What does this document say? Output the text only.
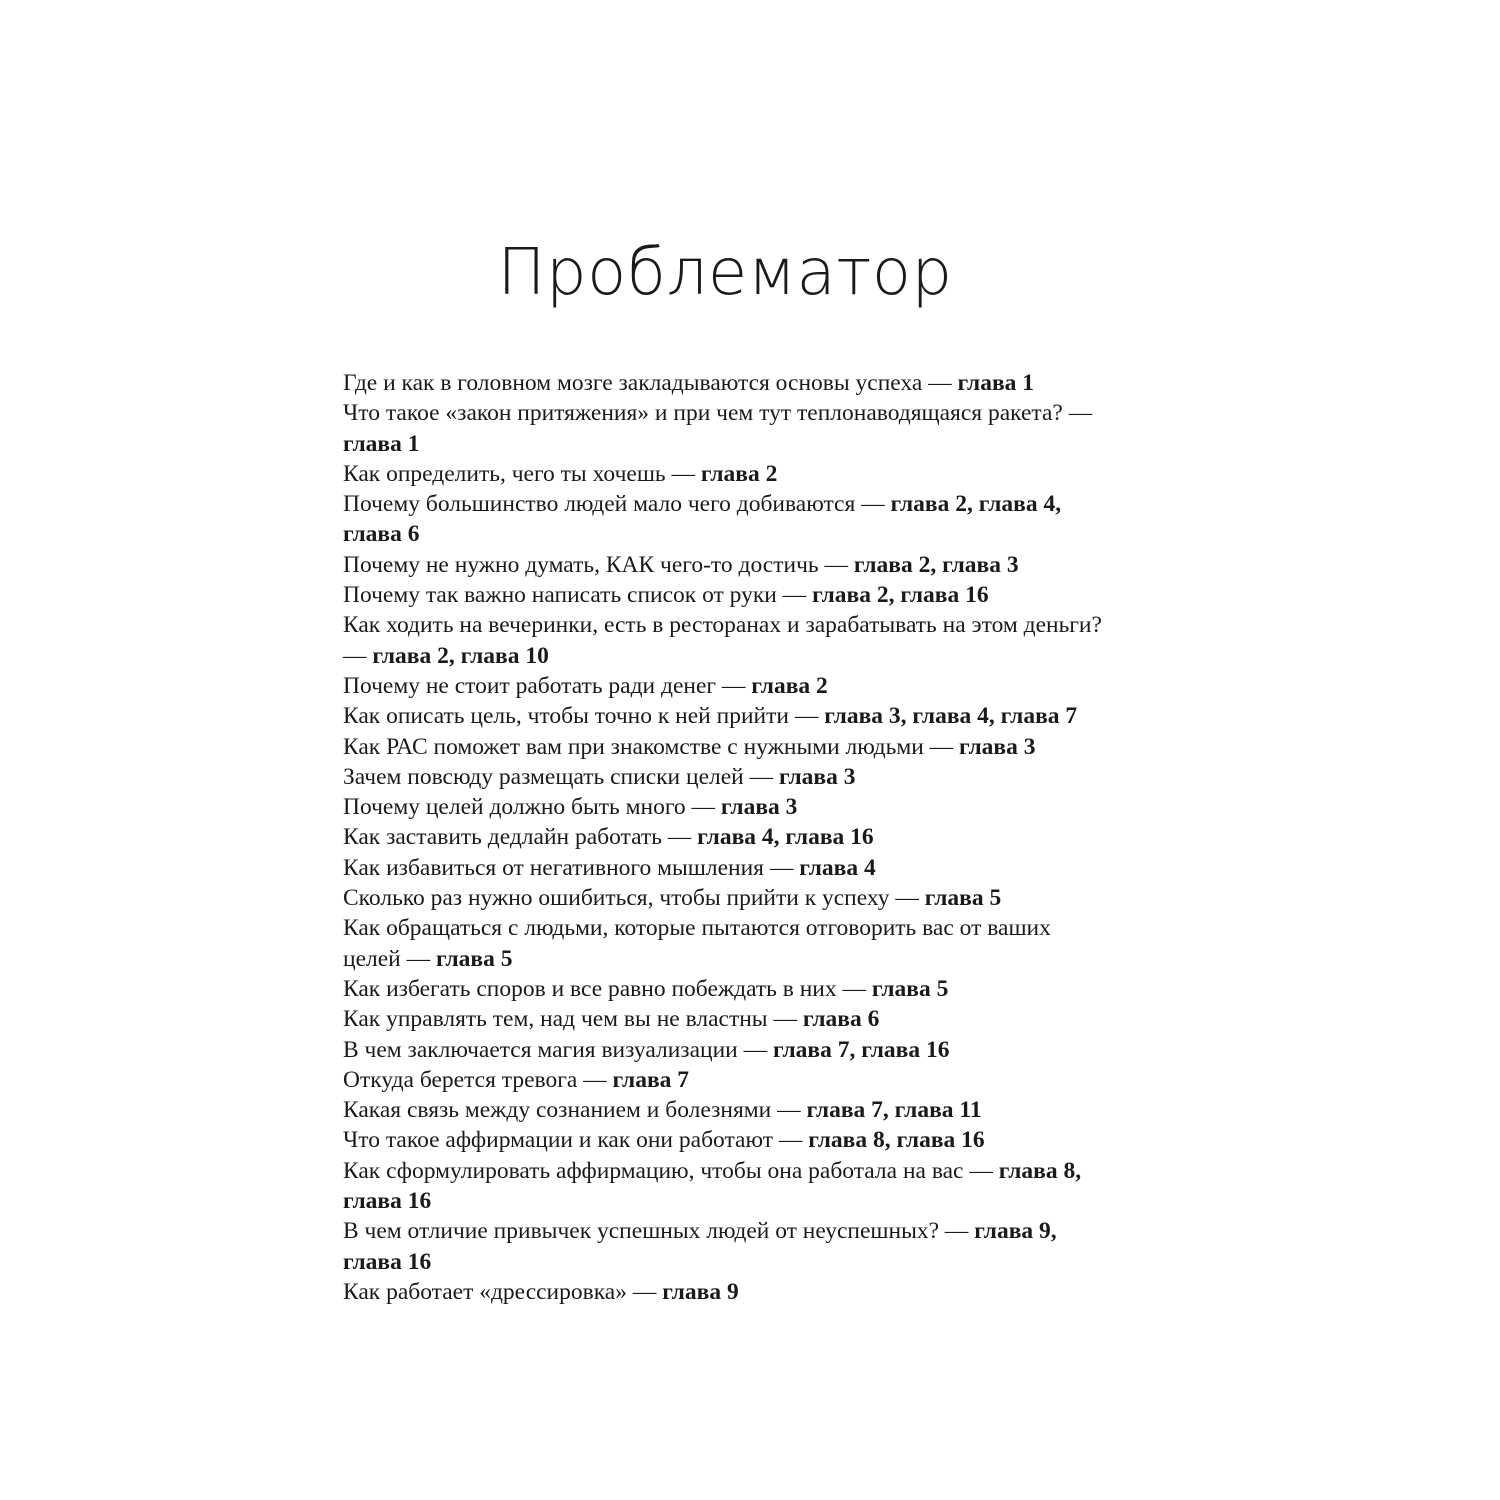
Проблематор

Где и как в головном мозге закладываются основы успеха — глава 1

Что такое «закон притяжения» и при чем тут теплонаводящаяся ракета? — глава 1

Как определить, чего ты хочешь — глава 2

Почему большинство людей мало чего добиваются — глава 2, глава 4, глава 6

Почему не нужно думать, КАК чего-то достичь — глава 2, глава 3

Почему так важно написать список от руки — глава 2, глава 16

Как ходить на вечеринки, есть в ресторанах и зарабатывать на этом деньги? — глава 2, глава 10

Почему не стоит работать ради денег — глава 2

Как описать цель, чтобы точно к ней прийти — глава 3, глава 4, глава 7

Как РАС поможет вам при знакомстве с нужными людьми — глава 3

Зачем повсюду размещать списки целей — глава 3

Почему целей должно быть много — глава 3

Как заставить дедлайн работать — глава 4, глава 16

Как избавиться от негативного мышления — глава 4

Сколько раз нужно ошибиться, чтобы прийти к успеху — глава 5

Как обращаться с людьми, которые пытаются отговорить вас от ваших целей — глава 5

Как избегать споров и все равно побеждать в них — глава 5

Как управлять тем, над чем вы не властны — глава 6

В чем заключается магия визуализации — глава 7, глава 16

Откуда берется тревога — глава 7

Какая связь между сознанием и болезнями — глава 7, глава 11

Что такое аффирмации и как они работают — глава 8, глава 16

Как сформулировать аффирмацию, чтобы она работала на вас — глава 8, глава 16

В чем отличие привычек успешных людей от неуспешных? — глава 9, глава 16

Как работает «дрессировка» — глава 9
